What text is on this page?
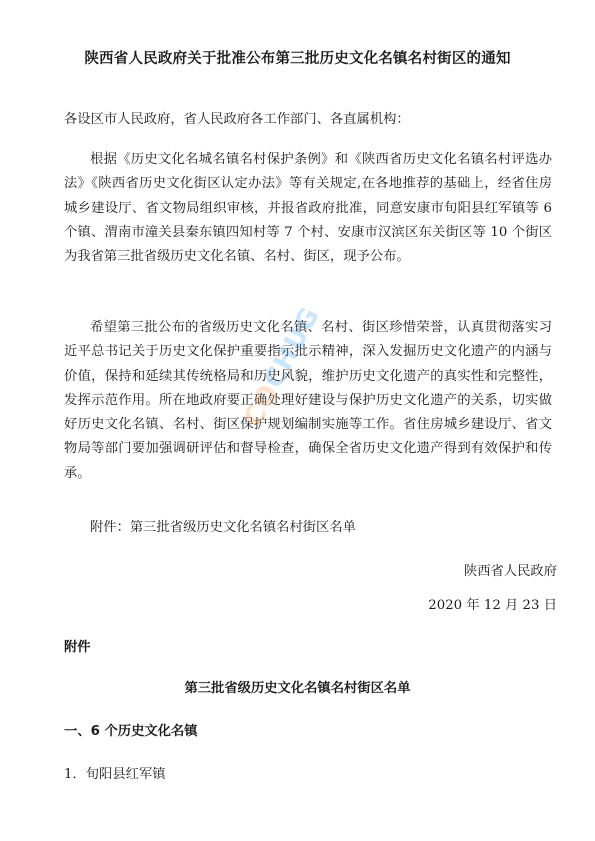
陕西省人民政府关于批准公布第三批历史文化名镇名村街区的通知
各设区市人民政府，省人民政府各工作部门、各直属机构：

根据《历史文化名城名镇名村保护条例》和《陕西省历史文化名镇名村评选办法》《陕西省历史文化街区认定办法》等有关规定,在各地推荐的基础上，经省住房城乡建设厅、省文物局组织审核，并报省政府批准，同意安康市旬阳县红军镇等 6 个镇、渭南市潼关县秦东镇四知村等 7 个村、安康市汉滨区东关街区等 10 个街区为我省第三批省级历史文化名镇、名村、街区，现予公布。

希望第三批公布的省级历史文化名镇、名村、街区珍惜荣誉，认真贯彻落实习近平总书记关于历史文化保护重要指示批示精神，深入发掘历史文化遗产的内涵与价值，保持和延续其传统格局和历史风貌，维护历史文化遗产的真实性和完整性，发挥示范作用。所在地政府要正确处理好建设与保护历史文化遗产的关系，切实做好历史文化名镇、名村、街区保护规划编制实施等工作。省住房城乡建设厅、省文物局等部门要加强调研评估和督导检查，确保全省历史文化遗产得到有效保护和传承。

附件：第三批省级历史文化名镇名村街区名单
陕西省人民政府
2020 年 12 月 23 日
附件
第三批省级历史文化名镇名村街区名单
一、6 个历史文化名镇
1．旬阳县红军镇
COCHUG
